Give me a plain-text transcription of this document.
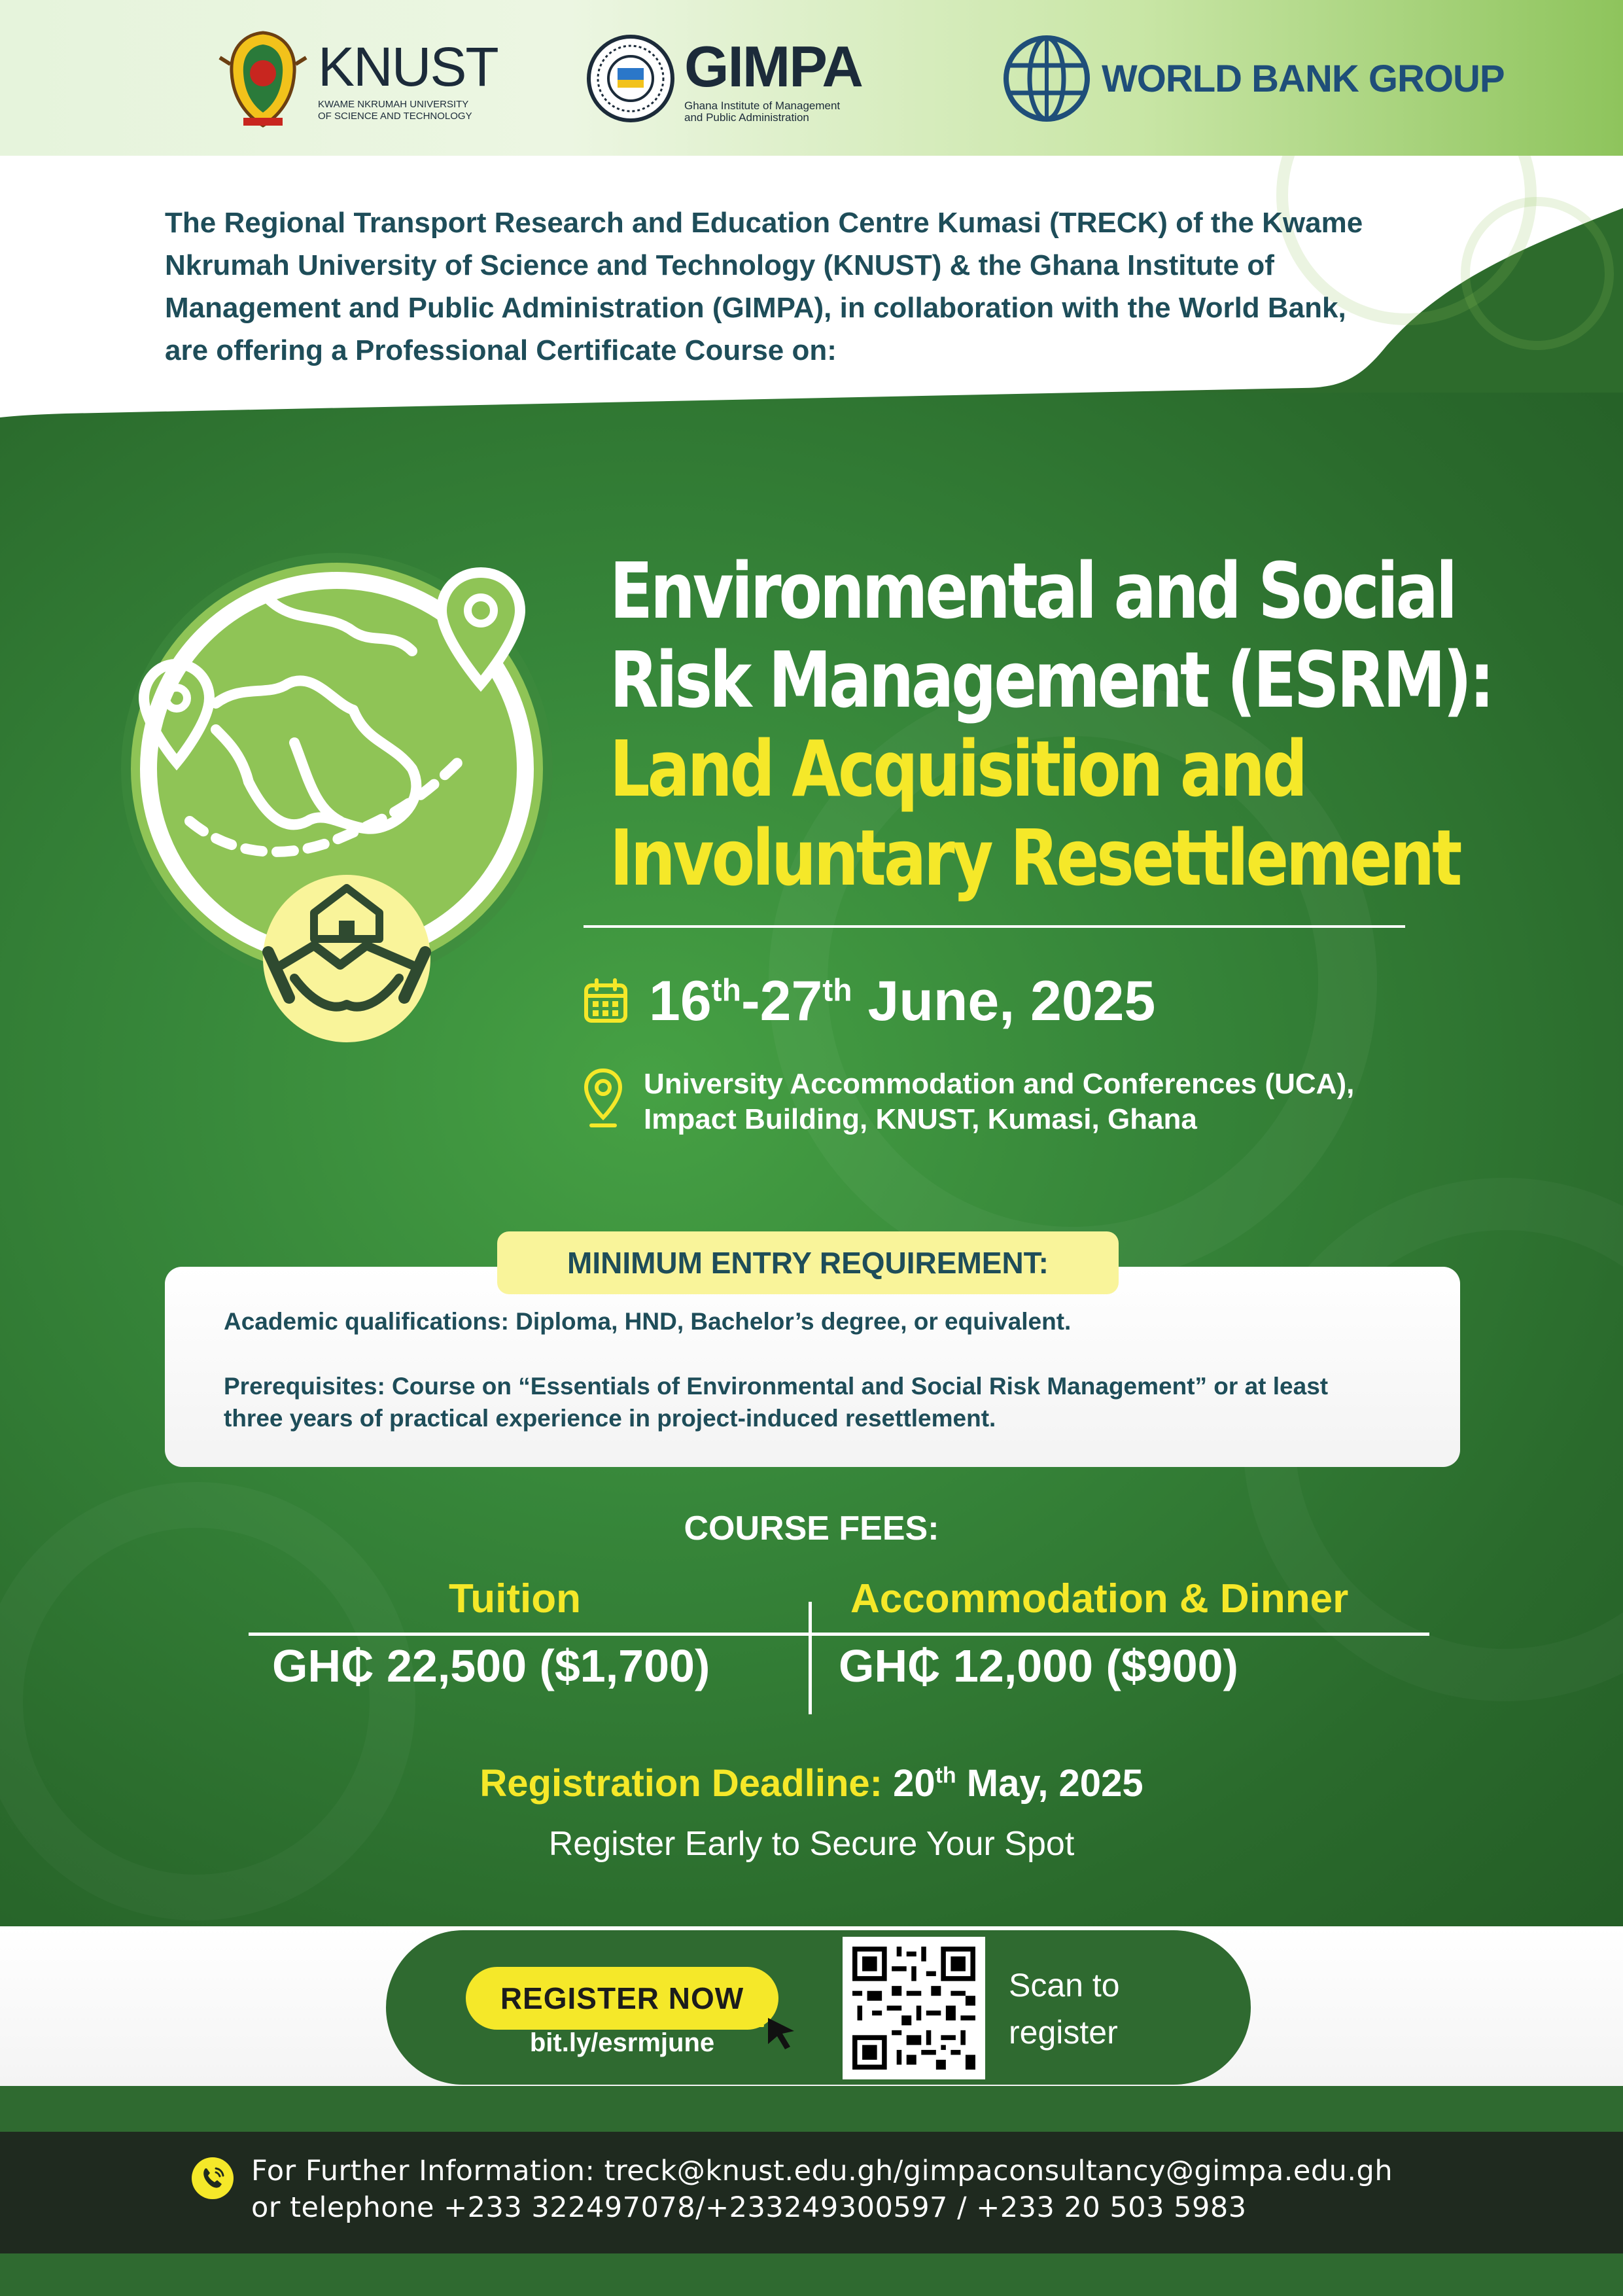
KNUST
KWAME NKRUMAH UNIVERSITY
OF SCIENCE AND TECHNOLOGY
GIMPA
Ghana Institute of Management
and Public Administration
WORLD BANK GROUP
The Regional Transport Research and Education Centre Kumasi (TRECK) of the Kwame
Nkrumah University of Science and Technology (KNUST) & the Ghana Institute of
Management and Public Administration (GIMPA), in collaboration with the World Bank,
are offering a Professional Certificate Course on:
Environmental and Social
Risk Management (ESRM):
Land Acquisition and
Involuntary Resettlement
16th-27th June, 2025
University Accommodation and Conferences (UCA),
Impact Building, KNUST, Kumasi, Ghana
MINIMUM ENTRY REQUIREMENT:
Academic qualifications: Diploma, HND, Bachelor’s degree, or equivalent.
Prerequisites: Course on “Essentials of Environmental and Social Risk Management” or at least
three years of practical experience in project-induced resettlement.
COURSE FEES:
Tuition	Accommodation & Dinner
GH₵ 22,500 ($1,700)	GH₵ 12,000 ($900)
Registration Deadline: 20th May, 2025
Register Early to Secure Your Spot
REGISTER NOW
bit.ly/esrmjune
Scan to
register
For Further Information: treck@knust.edu.gh/gimpaconsultancy@gimpa.edu.gh
or telephone +233 322497078/+233249300597 / +233 20 503 5983
